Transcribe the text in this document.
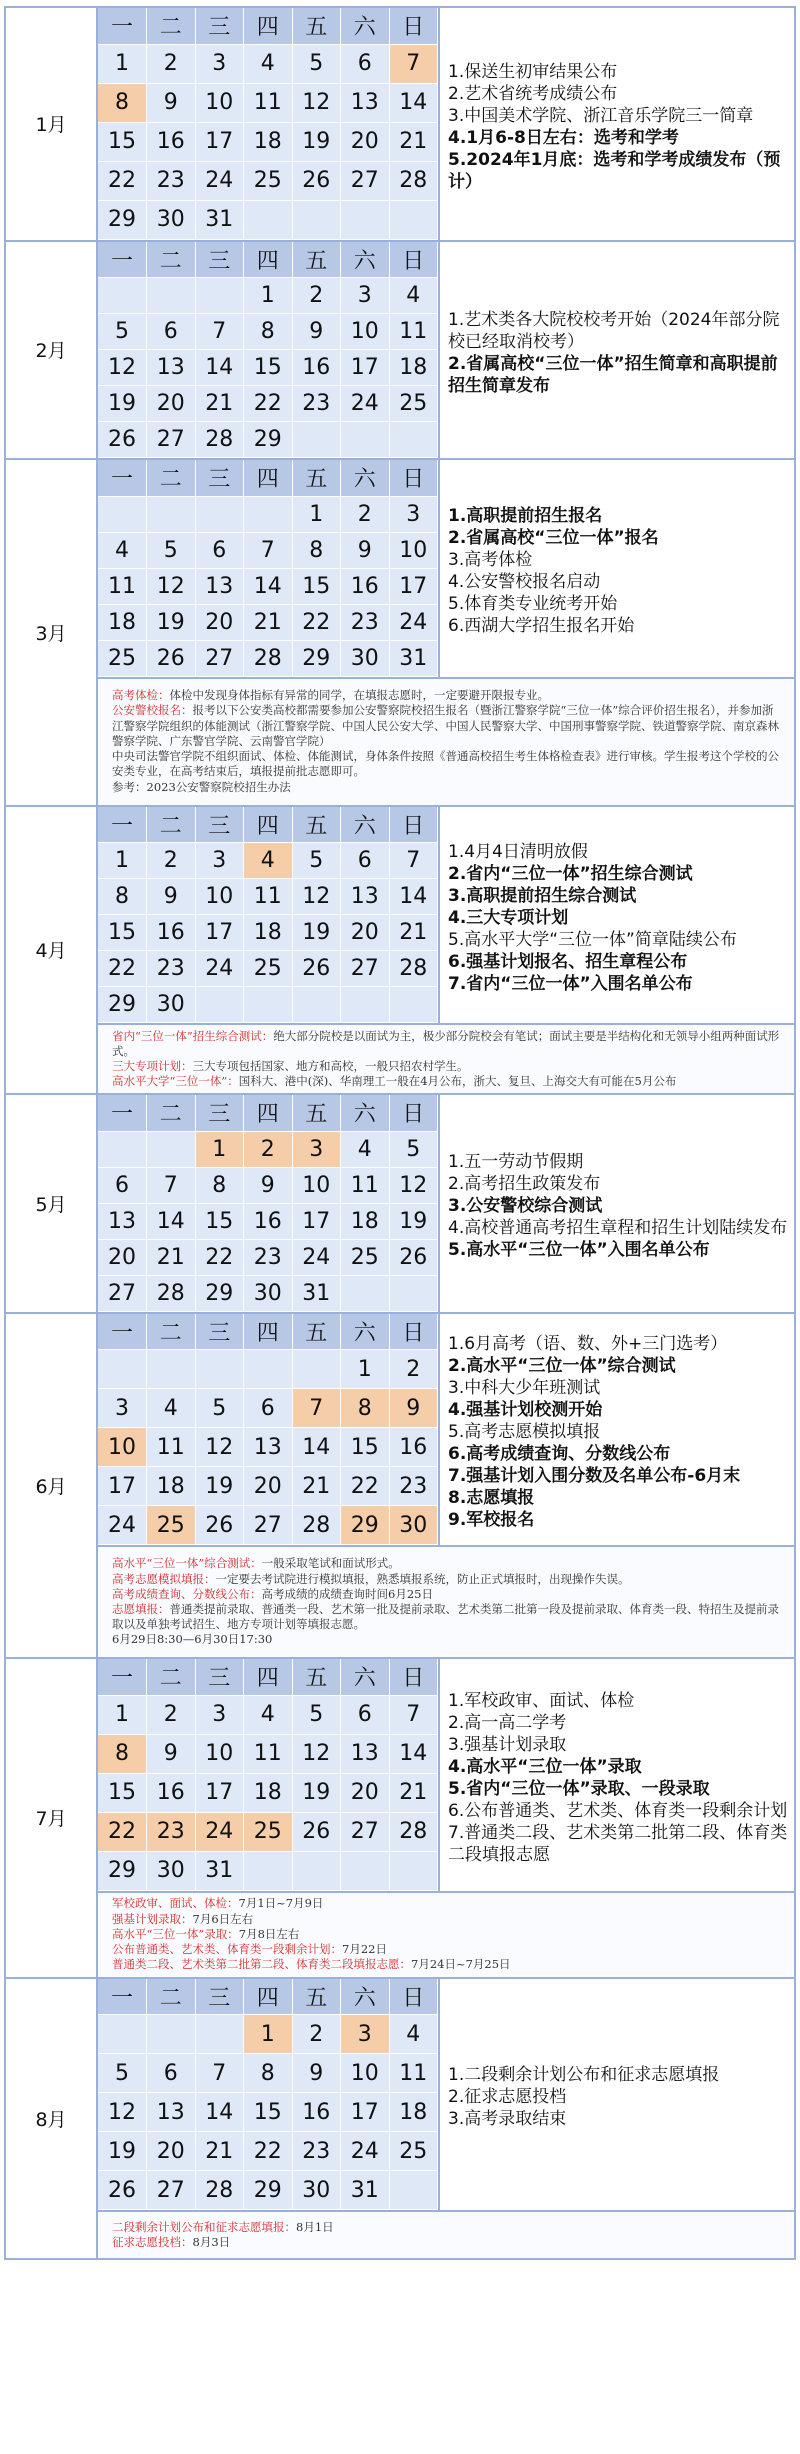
1月	
一	二	三	四	五	六	日
1	2	3	4	5	6	7
8	9	10	11	12	13	14
15	16	17	18	19	20	21
22	23	24	25	26	27	28
29	30	31				

1.保送生初审结果公布
2.艺术省统考成绩公布
3.中国美术学院、浙江音乐学院三一简章
4.1月6-8日左右：选考和学考
5.2024年1月底：选考和学考成绩发布（预计）

2月	
一	二	三	四	五	六	日
			1	2	3	4
5	6	7	8	9	10	11
12	13	14	15	16	17	18
19	20	21	22	23	24	25
26	27	28	29			

1.艺术类各大院校校考开始（2024年部分院校已经取消校考）
2.省属高校“三位一体”招生简章和高职提前招生简章发布

3月	
一	二	三	四	五	六	日
				1	2	3
4	5	6	7	8	9	10
11	12	13	14	15	16	17
18	19	20	21	22	23	24
25	26	27	28	29	30	31

1.高职提前招生报名
2.省属高校“三位一体”报名
3.高考体检
4.公安警校报名启动
5.体育类专业统考开始
6.西湖大学招生报名开始

高考体检：体检中发现身体指标有异常的同学，在填报志愿时，一定要避开限报专业。
公安警校报名：报考以下公安类高校都需要参加公安警察院校招生报名（暨浙江警察学院“三位一体”综合评价招生报名），并参加浙江警察学院组织的体能测试（浙江警察学院、中国人民公安大学、中国人民警察大学、中国刑事警察学院、铁道警察学院、南京森林警察学院、广东警官学院、云南警官学院）
中央司法警官学院不组织面试、体检、体能测试，身体条件按照《普通高校招生考生体格检查表》进行审核。学生报考这个学校的公安类专业，在高考结束后，填报提前批志愿即可。
参考：2023公安警察院校招生办法

4月	
一	二	三	四	五	六	日
1	2	3	4	5	6	7
8	9	10	11	12	13	14
15	16	17	18	19	20	21
22	23	24	25	26	27	28
29	30					

1.4月4日清明放假
2.省内“三位一体”招生综合测试
3.高职提前招生综合测试
4.三大专项计划
5.高水平大学“三位一体”简章陆续公布
6.强基计划报名、招生章程公布
7.省内“三位一体”入围名单公布

省内“三位一体”招生综合测试：绝大部分院校是以面试为主，极少部分院校会有笔试；面试主要是半结构化和无领导小组两种面试形式。
三大专项计划：三大专项包括国家、地方和高校，一般只招农村学生。
高水平大学“三位一体”：国科大、港中(深)、华南理工一般在4月公布，浙大、复旦、上海交大有可能在5月公布

5月	
一	二	三	四	五	六	日
		1	2	3	4	5
6	7	8	9	10	11	12
13	14	15	16	17	18	19
20	21	22	23	24	25	26
27	28	29	30	31		

1.五一劳动节假期
2.高考招生政策发布
3.公安警校综合测试
4.高校普通高考招生章程和招生计划陆续发布
5.高水平“三位一体”入围名单公布

6月	
一	二	三	四	五	六	日
					1	2
3	4	5	6	7	8	9
10	11	12	13	14	15	16
17	18	19	20	21	22	23
24	25	26	27	28	29	30

1.6月高考（语、数、外+三门选考）
2.高水平“三位一体”综合测试
3.中科大少年班测试
4.强基计划校测开始
5.高考志愿模拟填报
6.高考成绩查询、分数线公布
7.强基计划入围分数及名单公布-6月末
8.志愿填报
9.军校报名

高水平“三位一体”综合测试：一般采取笔试和面试形式。
高考志愿模拟填报：一定要去考试院进行模拟填报，熟悉填报系统，防止正式填报时，出现操作失误。
高考成绩查询、分数线公布：高考成绩的成绩查询时间6月25日
志愿填报：普通类提前录取、普通类一段、艺术第一批及提前录取、艺术类第二批第一段及提前录取、体育类一段、特招生及提前录取以及单独考试招生、地方专项计划等填报志愿。
6月29日8:30—6月30日17:30

7月	
一	二	三	四	五	六	日
1	2	3	4	5	6	7
8	9	10	11	12	13	14
15	16	17	18	19	20	21
22	23	24	25	26	27	28
29	30	31				

1.军校政审、面试、体检
2.高一高二学考
3.强基计划录取
4.高水平“三位一体”录取
5.省内“三位一体”录取、一段录取
6.公布普通类、艺术类、体育类一段剩余计划
7.普通类二段、艺术类第二批第二段、体育类二段填报志愿

军校政审、面试、体检：7月1日~7月9日
强基计划录取：7月6日左右
高水平“三位一体”录取：7月8日左右
公布普通类、艺术类、体育类一段剩余计划：7月22日
普通类二段、艺术类第二批第二段、体育类二段填报志愿：7月24日~7月25日

8月	
一	二	三	四	五	六	日
			1	2	3	4
5	6	7	8	9	10	11
12	13	14	15	16	17	18
19	20	21	22	23	24	25
26	27	28	29	30	31	

1.二段剩余计划公布和征求志愿填报
2.征求志愿投档
3.高考录取结束

二段剩余计划公布和征求志愿填报：8月1日
征求志愿投档：8月3日
